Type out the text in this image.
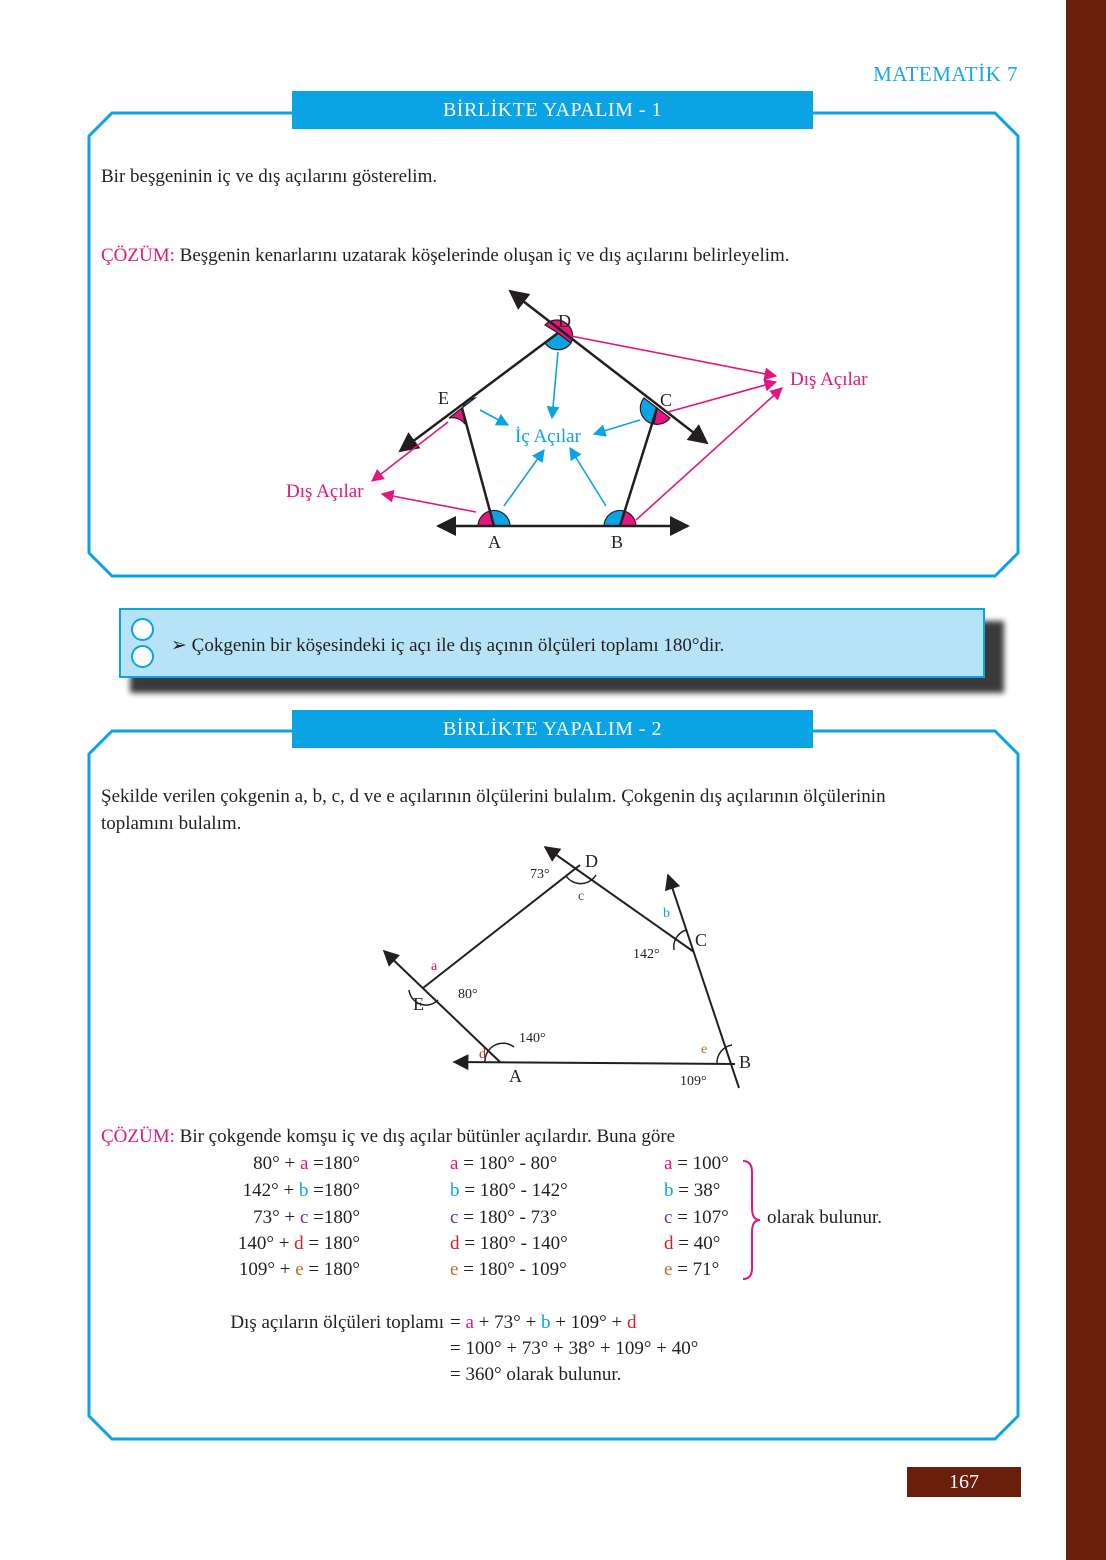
MATEMATİK 7
BİRLİKTE YAPALIM - 1
Bir beşgeninin iç ve dış açılarını gösterelim.
ÇÖZÜM: Beşgenin kenarlarını uzatarak köşelerinde oluşan iç ve dış açılarını belirleyelim.
A	B
C
D
E
İç Açılar
Dış Açılar
Dış Açılar
➢ Çokgenin bir köşesindeki iç açı ile dış açının ölçüleri toplamı 180°dir.
BİRLİKTE YAPALIM - 2
Şekilde verilen çokgenin a, b, c, d ve e açılarının ölçülerini bulalım. Çokgenin dış açılarının ölçülerinin
toplamını bulalım.
73°
D
c
b
C
142°
a
80°
E
140°
d
A
e
B
109°
ÇÖZÜM: Bir çokgende komşu iç ve dış açılar bütünler açılardır. Buna göre
80° + a =180°	a = 180° - 80°	a = 100°
142° + b =180°	b = 180° - 142°	b = 38°
73° + c =180°	c = 180° - 73°	c = 107°
140° + d = 180°	d = 180° - 140°	d = 40°
109° + e = 180°	e = 180° - 109°	e = 71°
olarak bulunur.
Dış açıların ölçüleri toplamı = a + 73° + b + 109° + d
= 100° + 73° + 38° + 109° + 40°
= 360° olarak bulunur.
167
